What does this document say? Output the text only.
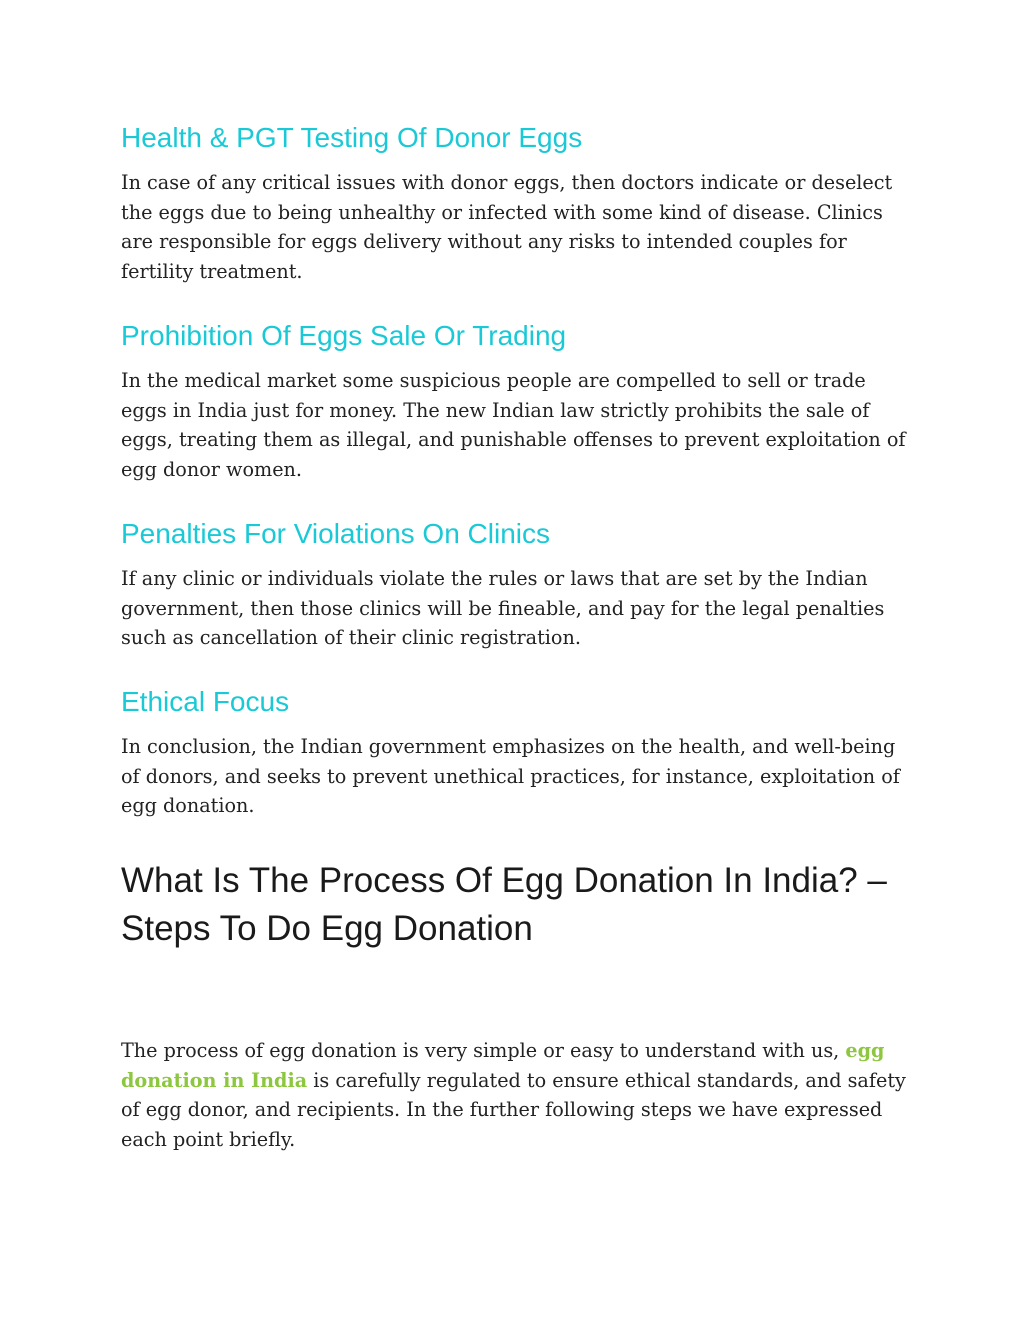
Health & PGT Testing Of Donor Eggs

In case of any critical issues with donor eggs, then doctors indicate or deselect the eggs due to being unhealthy or infected with some kind of disease. Clinics are responsible for eggs delivery without any risks to intended couples for fertility treatment.

Prohibition Of Eggs Sale Or Trading

In the medical market some suspicious people are compelled to sell or trade eggs in India just for money. The new Indian law strictly prohibits the sale of eggs, treating them as illegal, and punishable offenses to prevent exploitation of egg donor women.

Penalties For Violations On Clinics

If any clinic or individuals violate the rules or laws that are set by the Indian government, then those clinics will be fineable, and pay for the legal penalties such as cancellation of their clinic registration.

Ethical Focus

In conclusion, the Indian government emphasizes on the health, and well-being of donors, and seeks to prevent unethical practices, for instance, exploitation of egg donation.

What Is The Process Of Egg Donation In India? – Steps To Do Egg Donation

The process of egg donation is very simple or easy to understand with us, egg donation in India is carefully regulated to ensure ethical standards, and safety of egg donor, and recipients. In the further following steps we have expressed each point briefly.
